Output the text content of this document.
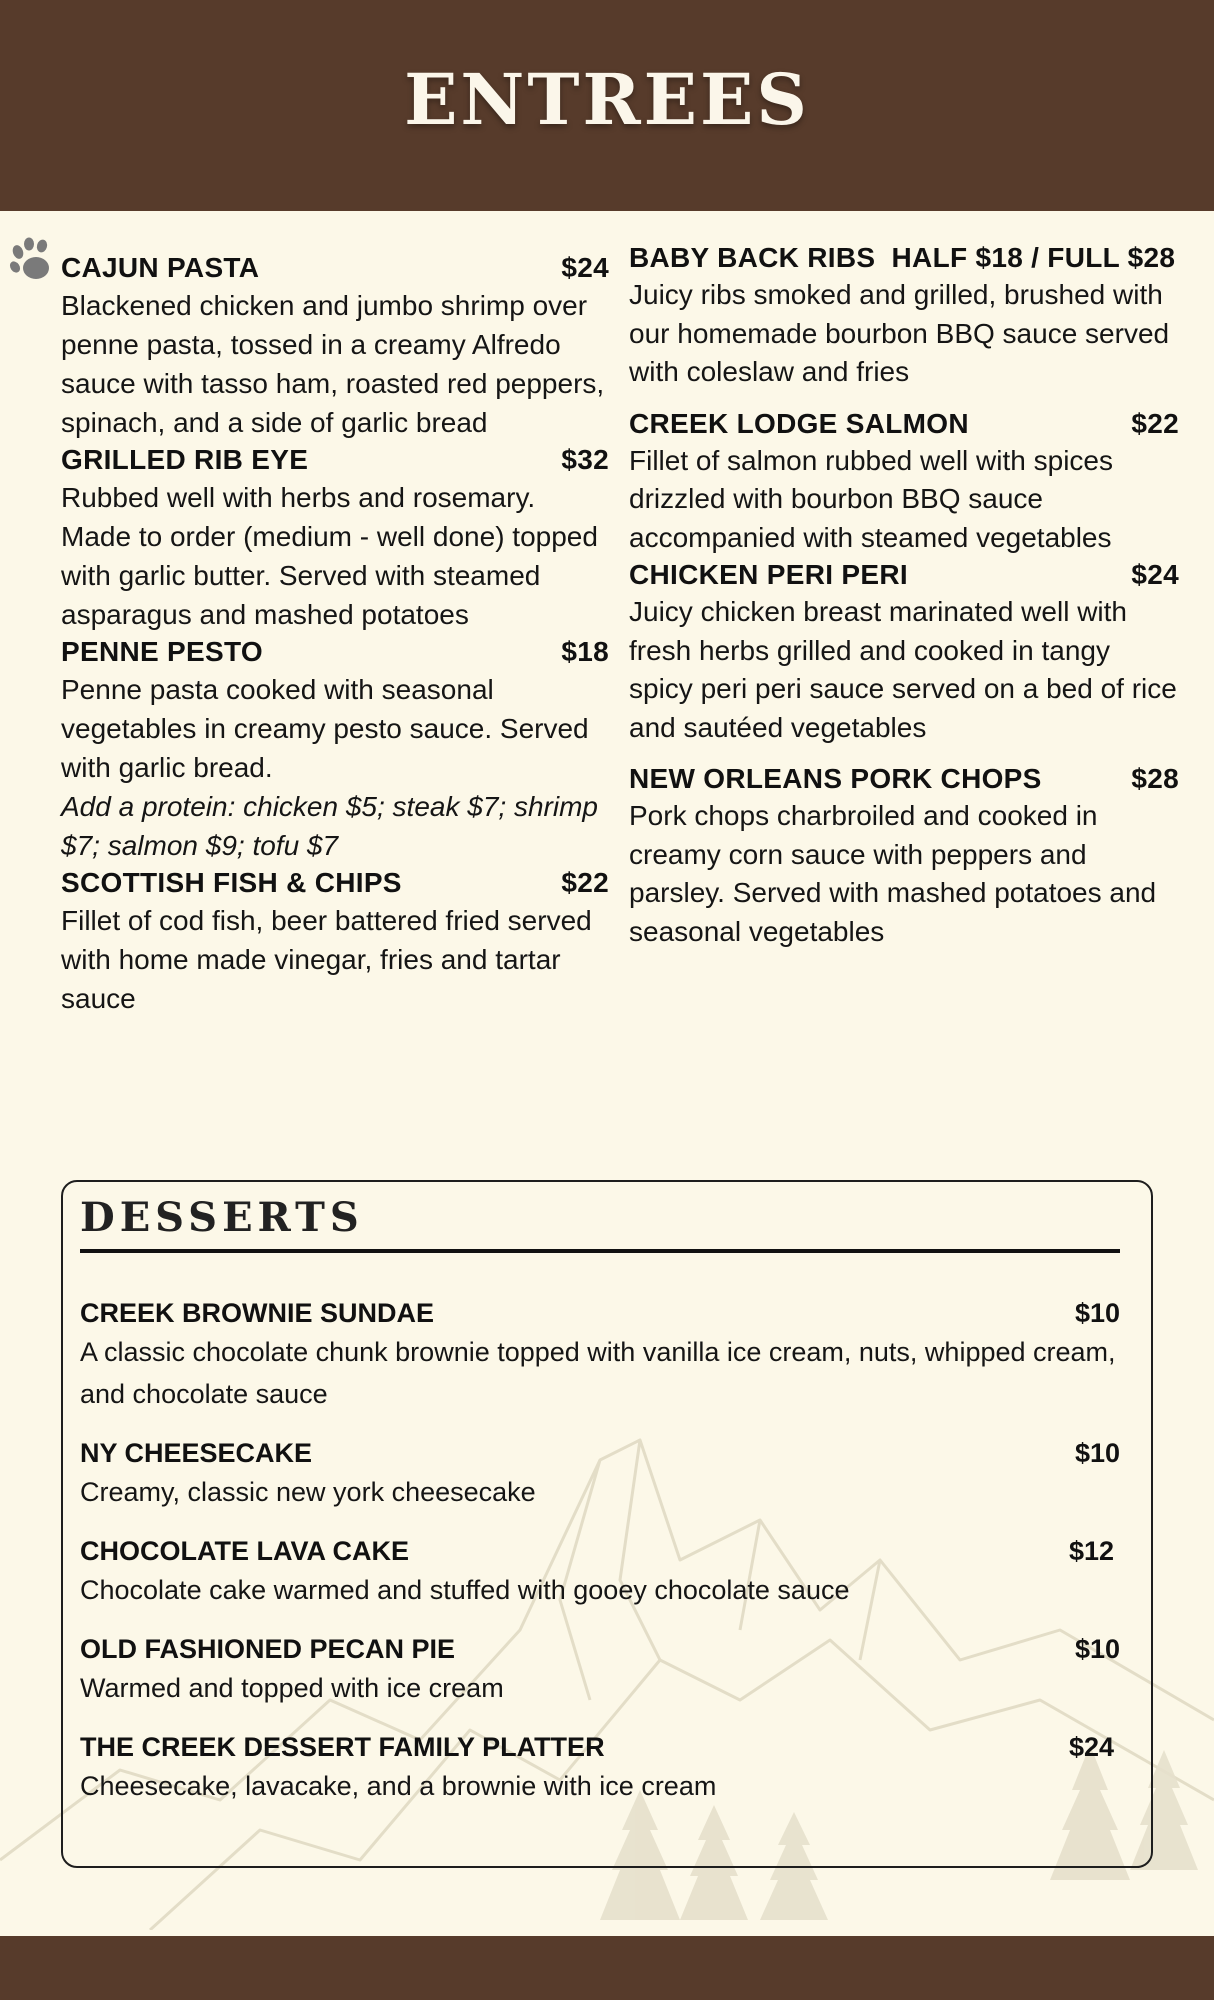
ENTREES
CAJUN PASTA	$24
Blackened chicken and jumbo shrimp over penne pasta, tossed in a creamy Alfredo sauce with tasso ham, roasted red peppers, spinach, and a side of garlic bread
GRILLED RIB EYE	$32
Rubbed well with herbs and rosemary. Made to order (medium - well done) topped with garlic butter. Served with steamed asparagus and mashed potatoes
PENNE PESTO	$18
Penne pasta cooked with seasonal vegetables in creamy pesto sauce. Served with garlic bread.
Add a protein: chicken $5; steak $7; shrimp $7; salmon $9; tofu $7
SCOTTISH FISH & CHIPS	$22
Fillet of cod fish, beer battered fried served with home made vinegar, fries and tartar sauce
BABY BACK RIBS  HALF $18 / FULL $28
Juicy ribs smoked and grilled, brushed with our homemade bourbon BBQ sauce served with coleslaw and fries
CREEK LODGE SALMON	$22
Fillet of salmon rubbed well with spices drizzled with bourbon BBQ sauce accompanied with steamed vegetables
CHICKEN PERI PERI	$24
Juicy chicken breast marinated well with fresh herbs grilled and cooked in tangy spicy peri peri sauce served on a bed of rice and sautéed vegetables
NEW ORLEANS PORK CHOPS	$28
Pork chops charbroiled and cooked in creamy corn sauce with peppers and parsley. Served with mashed potatoes and seasonal vegetables
DESSERTS
CREEK BROWNIE SUNDAE	$10
A classic chocolate chunk brownie topped with vanilla ice cream, nuts, whipped cream, and chocolate sauce
NY CHEESECAKE	$10
Creamy, classic new york cheesecake
CHOCOLATE LAVA CAKE	$12
Chocolate cake warmed and stuffed with gooey chocolate sauce
OLD FASHIONED PECAN PIE	$10
Warmed and topped with ice cream
THE CREEK DESSERT FAMILY PLATTER	$24
Cheesecake, lavacake, and a brownie with ice cream
